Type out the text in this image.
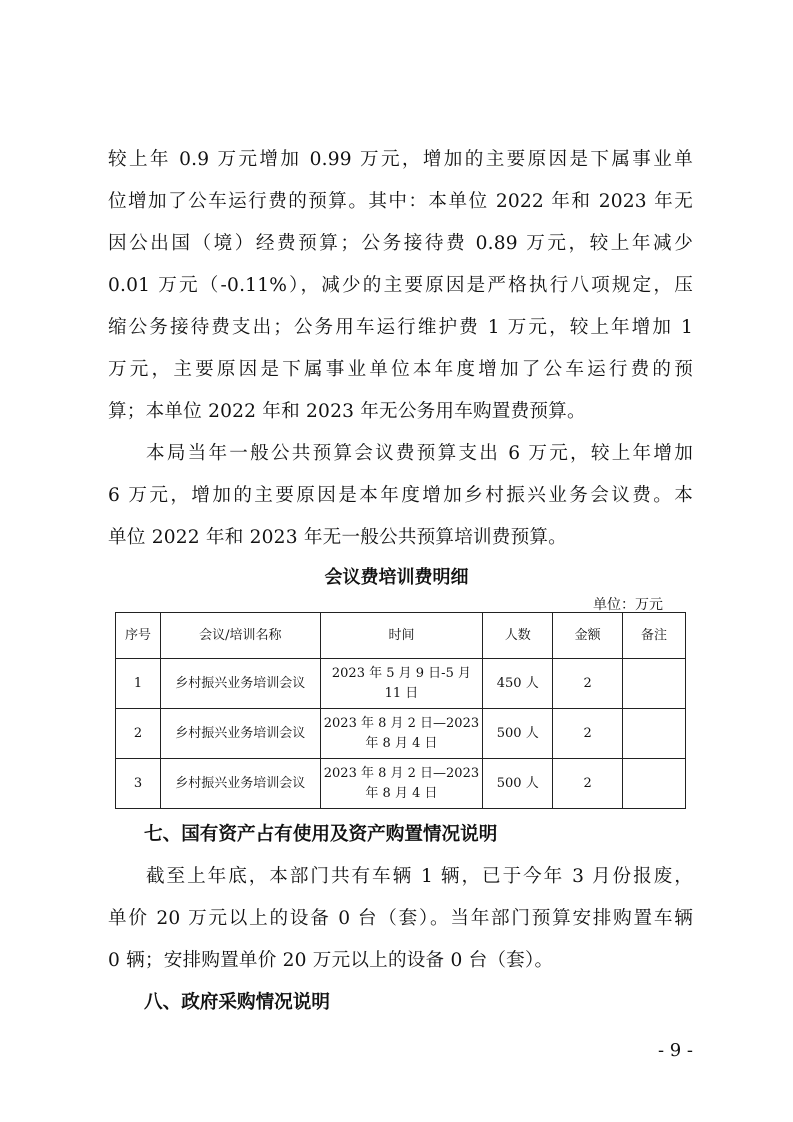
较上年 0.9 万元增加 0.99 万元，增加的主要原因是下属事业单
位增加了公车运行费的预算。其中：本单位 2022 年和 2023 年无
因公出国（境）经费预算；公务接待费 0.89 万元，较上年减少
0.01 万元（-0.11%），减少的主要原因是严格执行八项规定，压
缩公务接待费支出；公务用车运行维护费 1 万元，较上年增加 1
万元，主要原因是下属事业单位本年度增加了公车运行费的预
算；本单位 2022 年和 2023 年无公务用车购置费预算。
本局当年一般公共预算会议费预算支出 6 万元，较上年增加
6 万元，增加的主要原因是本年度增加乡村振兴业务会议费。本
单位 2022 年和 2023 年无一般公共预算培训费预算。
会议费培训费明细
单位：万元
序号	会议/培训名称	时间	人数	金额	备注
1	乡村振兴业务培训会议	2023 年 5 月 9 日-5 月 11 日	450 人	2	
2	乡村振兴业务培训会议	2023 年 8 月 2 日—2023 年 8 月 4 日	500 人	2	
3	乡村振兴业务培训会议	2023 年 8 月 2 日—2023 年 8 月 4 日	500 人	2	
七、国有资产占有使用及资产购置情况说明
截至上年底，本部门共有车辆 1 辆，已于今年 3 月份报废，
单价 20 万元以上的设备 0 台（套）。当年部门预算安排购置车辆
0 辆；安排购置单价 20 万元以上的设备 0 台（套）。
八、政府采购情况说明
- 9 -
